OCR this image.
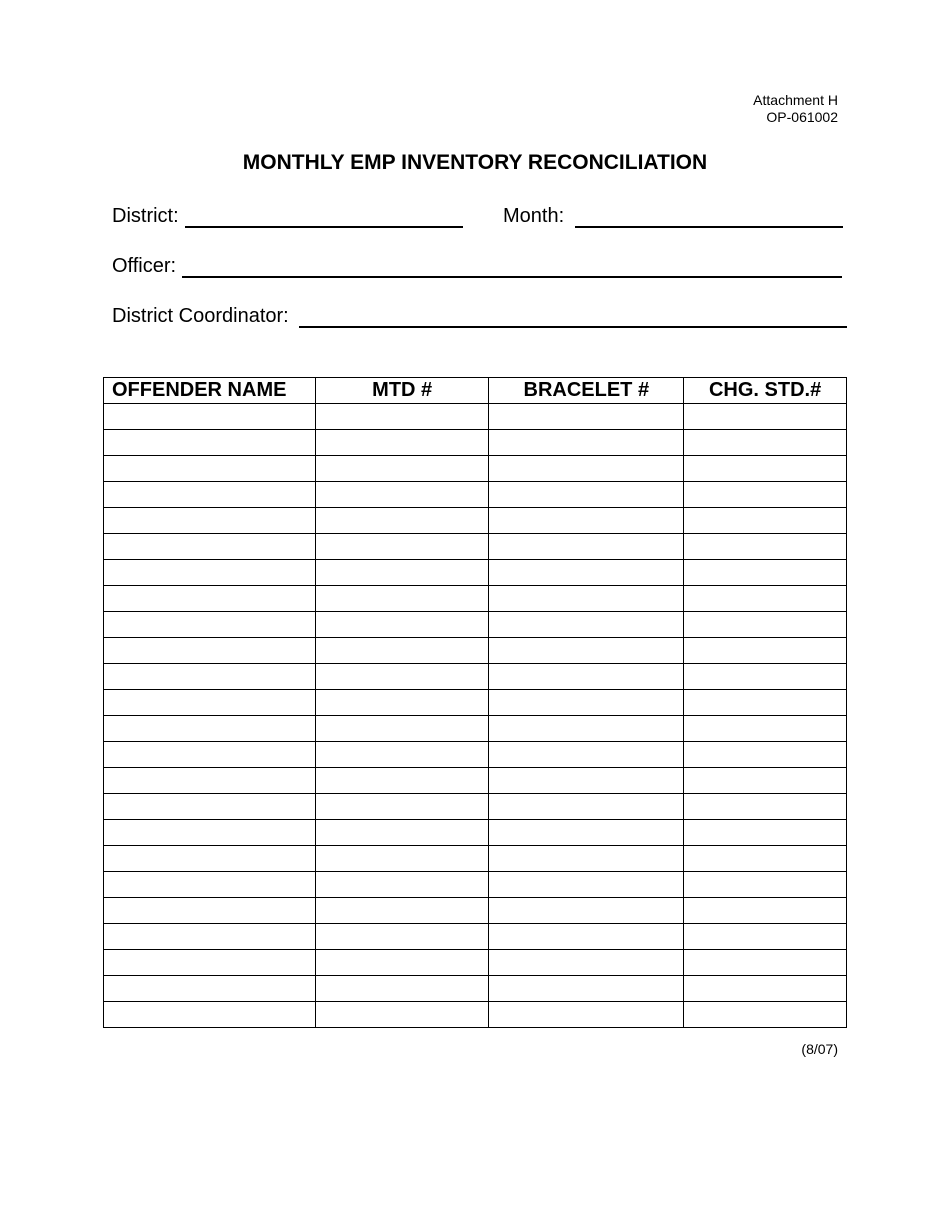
Attachment H
OP-061002
MONTHLY EMP INVENTORY RECONCILIATION
District:	Month:
Officer:
District Coordinator:
OFFENDER NAME	MTD #	BRACELET #	CHG. STD.#

(8/07)
